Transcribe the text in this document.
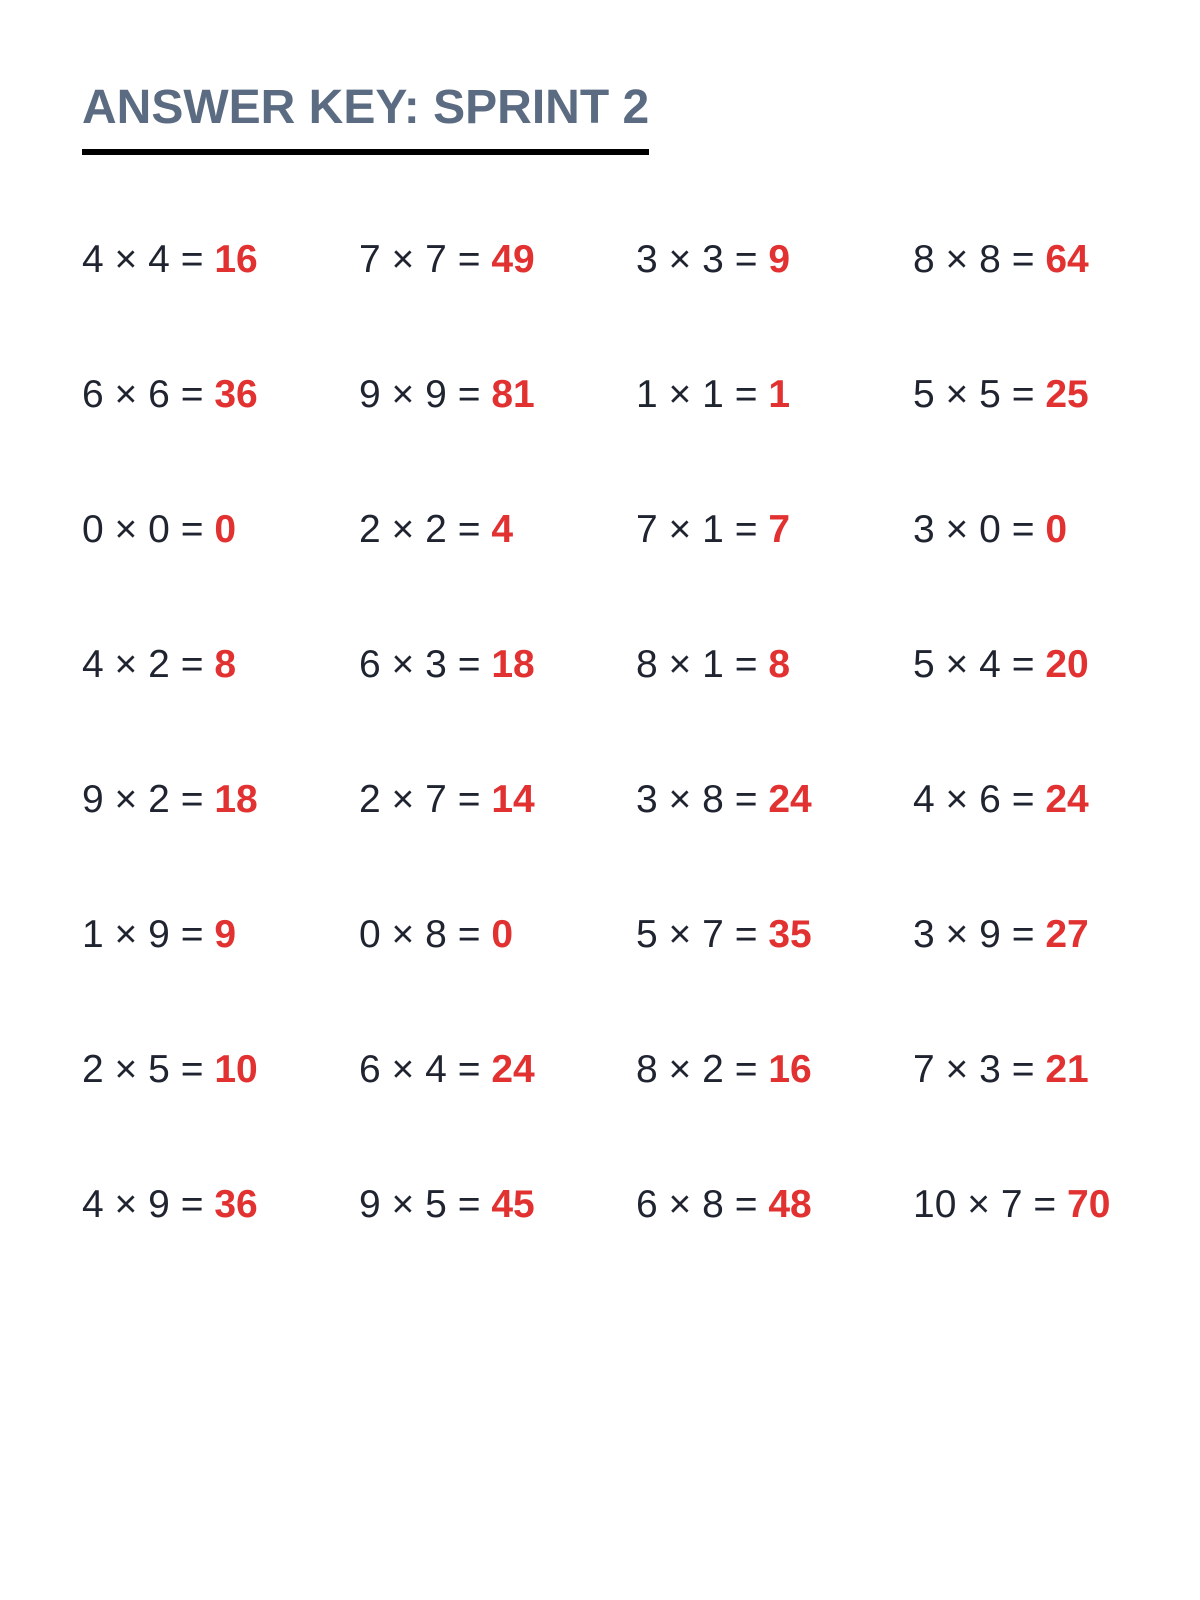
ANSWER KEY: SPRINT 2
4 × 4 = 16	7 × 7 = 49	3 × 3 = 9	8 × 8 = 64
6 × 6 = 36	9 × 9 = 81	1 × 1 = 1	5 × 5 = 25
0 × 0 = 0	2 × 2 = 4	7 × 1 = 7	3 × 0 = 0
4 × 2 = 8	6 × 3 = 18	8 × 1 = 8	5 × 4 = 20
9 × 2 = 18	2 × 7 = 14	3 × 8 = 24	4 × 6 = 24
1 × 9 = 9	0 × 8 = 0	5 × 7 = 35	3 × 9 = 27
2 × 5 = 10	6 × 4 = 24	8 × 2 = 16	7 × 3 = 21
4 × 9 = 36	9 × 5 = 45	6 × 8 = 48	10 × 7 = 70
